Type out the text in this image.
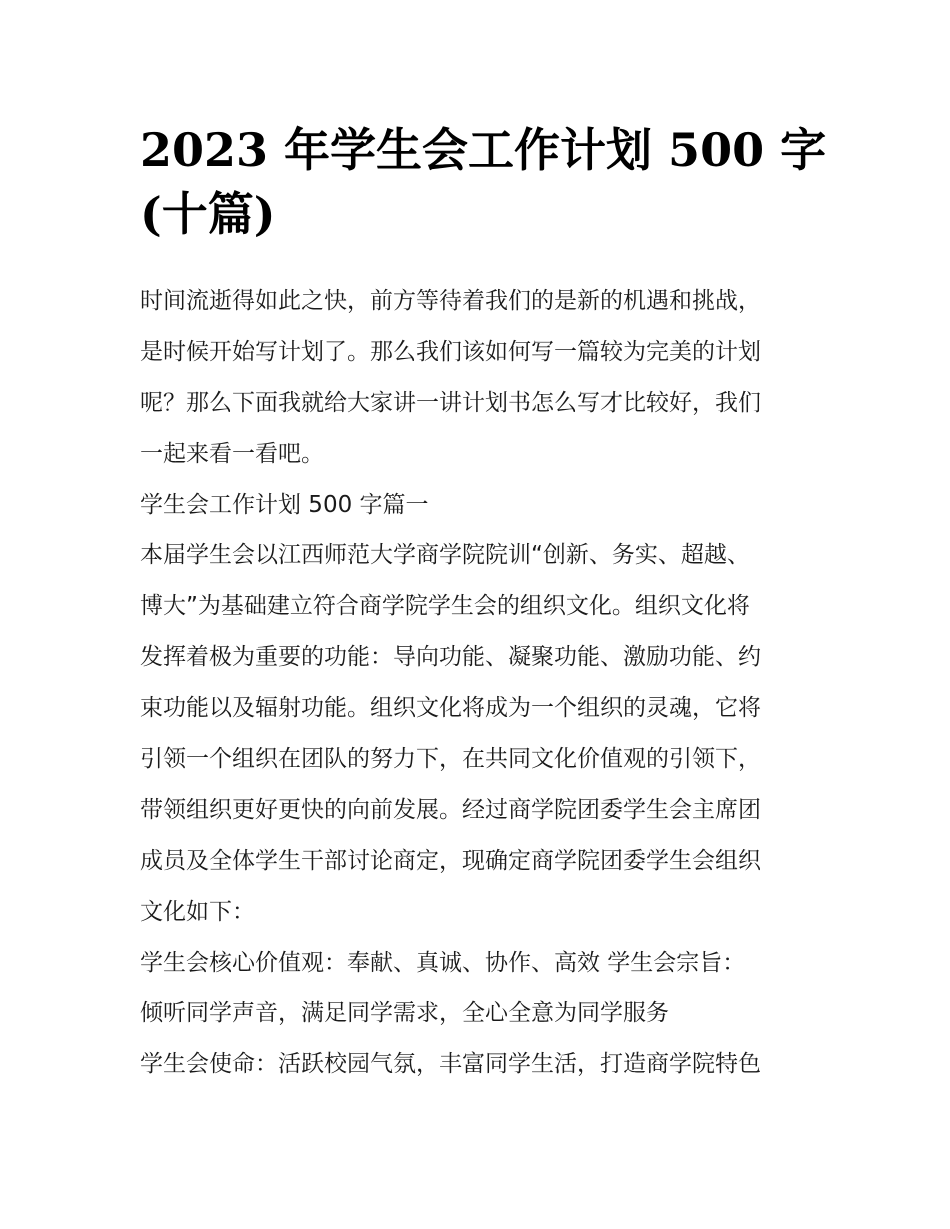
2023 年学生会工作计划 500 字
(十篇)
时间流逝得如此之快，前方等待着我们的是新的机遇和挑战，
是时候开始写计划了。那么我们该如何写一篇较为完美的计划
呢？那么下面我就给大家讲一讲计划书怎么写才比较好，我们
一起来看一看吧。
学生会工作计划 500 字篇一
本届学生会以江西师范大学商学院院训“创新、务实、超越、
博大”为基础建立符合商学院学生会的组织文化。组织文化将
发挥着极为重要的功能：导向功能、凝聚功能、激励功能、约
束功能以及辐射功能。组织文化将成为一个组织的灵魂，它将
引领一个组织在团队的努力下，在共同文化价值观的引领下，
带领组织更好更快的向前发展。经过商学院团委学生会主席团
成员及全体学生干部讨论商定，现确定商学院团委学生会组织
文化如下：
学生会核心价值观：奉献、真诚、协作、高效 学生会宗旨：
倾听同学声音，满足同学需求，全心全意为同学服务
学生会使命：活跃校园气氛，丰富同学生活，打造商学院特色
